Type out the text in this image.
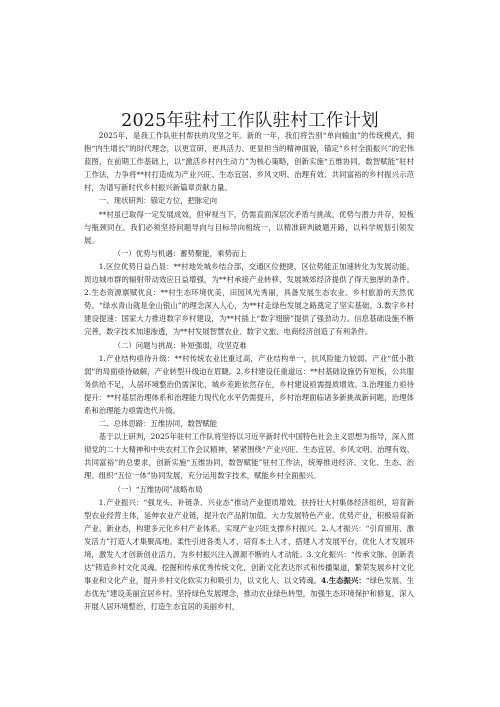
2025年驻村工作队驻村工作计划

2025年，是我工作队驻村帮扶的攻坚之年。新的一年，我们将告别“单向输血”的传统模式，拥抱“内生增长”的时代理念，以更宣研、更具活力、更显担当的精神面貌，锚定“乡村全面振兴”的宏伟蓝图，在前期工作基础上，以“激活乡村内生动力”为核心策略，创新实施“五维协同，数智赋能”驻村工作法，力争将**村打造成为产业兴旺、生态宜居、乡风文明、治理有效、共同富裕的乡村振兴示范村，为谱写新时代乡村振兴新篇章贡献力量。

一、现状研判：锚定方位，把脉定向

**村虽已取得一定发展成效，但审视当下，仍需直面深层次矛盾与挑战。优势与潜力并存，短板与瓶颈同在。我们必须坚持问题导向与目标导向相统一，以精准研判破题开路，以科学规划引领发展。

（一）优势与机遇：蓄势聚能，乘势而上

1.区位优势日益凸显：**村地处城乡结合部，交通区位便捷，区位势能正加速转化为发展动能。周边城市群的辐射带动效应日益增强，为**村承接产业转移、发展城郊经济提供了得天独厚的条件。2.生态资源禀赋优良：**村生态环境优美，田园风光秀丽，具备发展生态农业、乡村旅游的天然优势。“绿水青山就是金山银山”的理念深入人心，为**村走绿色发展之路奠定了坚实基础。3.数字乡村建设提速：国家大力推进数字乡村建设，为**村插上“数字翅膀”提供了强劲动力。信息基础设施不断完善，数字技术加速渗透，为**村发展智慧农业、数字文旅、电商经济创造了有利条件。

（二）问题与挑战：补短强弱，攻坚克难

1.产业结构亟待升级：**村传统农业比重过高，产业结构单一，抗风险能力较弱。产业“低小散弱”的局面亟待破解，产业转型升级迫在眉睫。2.乡村建设任重道远：**村基础设施仍有短板，公共服务供给不足，人居环境整治仍需深化，城乡差距依然存在，乡村建设亟需提质增效。3.治理能力亟待提升：**村基层治理体系和治理能力现代化水平仍需提升，乡村治理面临诸多新挑战新问题，治理体系和治理能力亟需迭代升级。

二、总体思路：五维协同，数智赋能

基于以上研判，2025年驻村工作队将坚持以习近平新时代中国特色社会主义思想为指导，深入贯彻党的二十大精神和中央农村工作会议精神，紧紧围绕“产业兴旺、生态宜居、乡风文明、治理有效、共同富裕”的总要求，创新实施“五维协同，数智赋能”驻村工作法，统筹推进经济、文化、生态、治理、组织“五位一体”协同发展，充分运用数字技术，赋能乡村全面振兴。

（一）“五维协同”战略布局

1.产业振兴：“强龙头、补链条、兴业态”推动产业提质增效。扶持壮大村集体经济组织，培育新型农业经营主体，延伸农业产业链，提升农产品附加值。大力发展特色产业、优势产业，积极培育新产业、新业态，构建多元化乡村产业体系，实现产业兴旺支撑乡村振兴。2.人才振兴：“引育留用、激发活力”打造人才集聚高地。柔性引进各类人才，培育本土人才，搭建人才发展平台，优化人才发展环境，激发人才创新创业活力，为乡村振兴注入源源不断的人才动能。3.文化振兴：“传承文脉、创新表达”铸造乡村文化灵魂。挖掘和传承优秀传统文化，创新文化表达形式和传播渠道，繁荣发展乡村文化事业和文化产业，提升乡村文化软实力和吸引力，以文化人、以文铸魂。4.生态振兴：“绿色发展、生态优先”建设美丽宜居乡村。坚持绿色发展理念，推动农业绿色转型，加强生态环境保护和修复，深入开展人居环境整治，打造生态宜居的美丽乡村，
